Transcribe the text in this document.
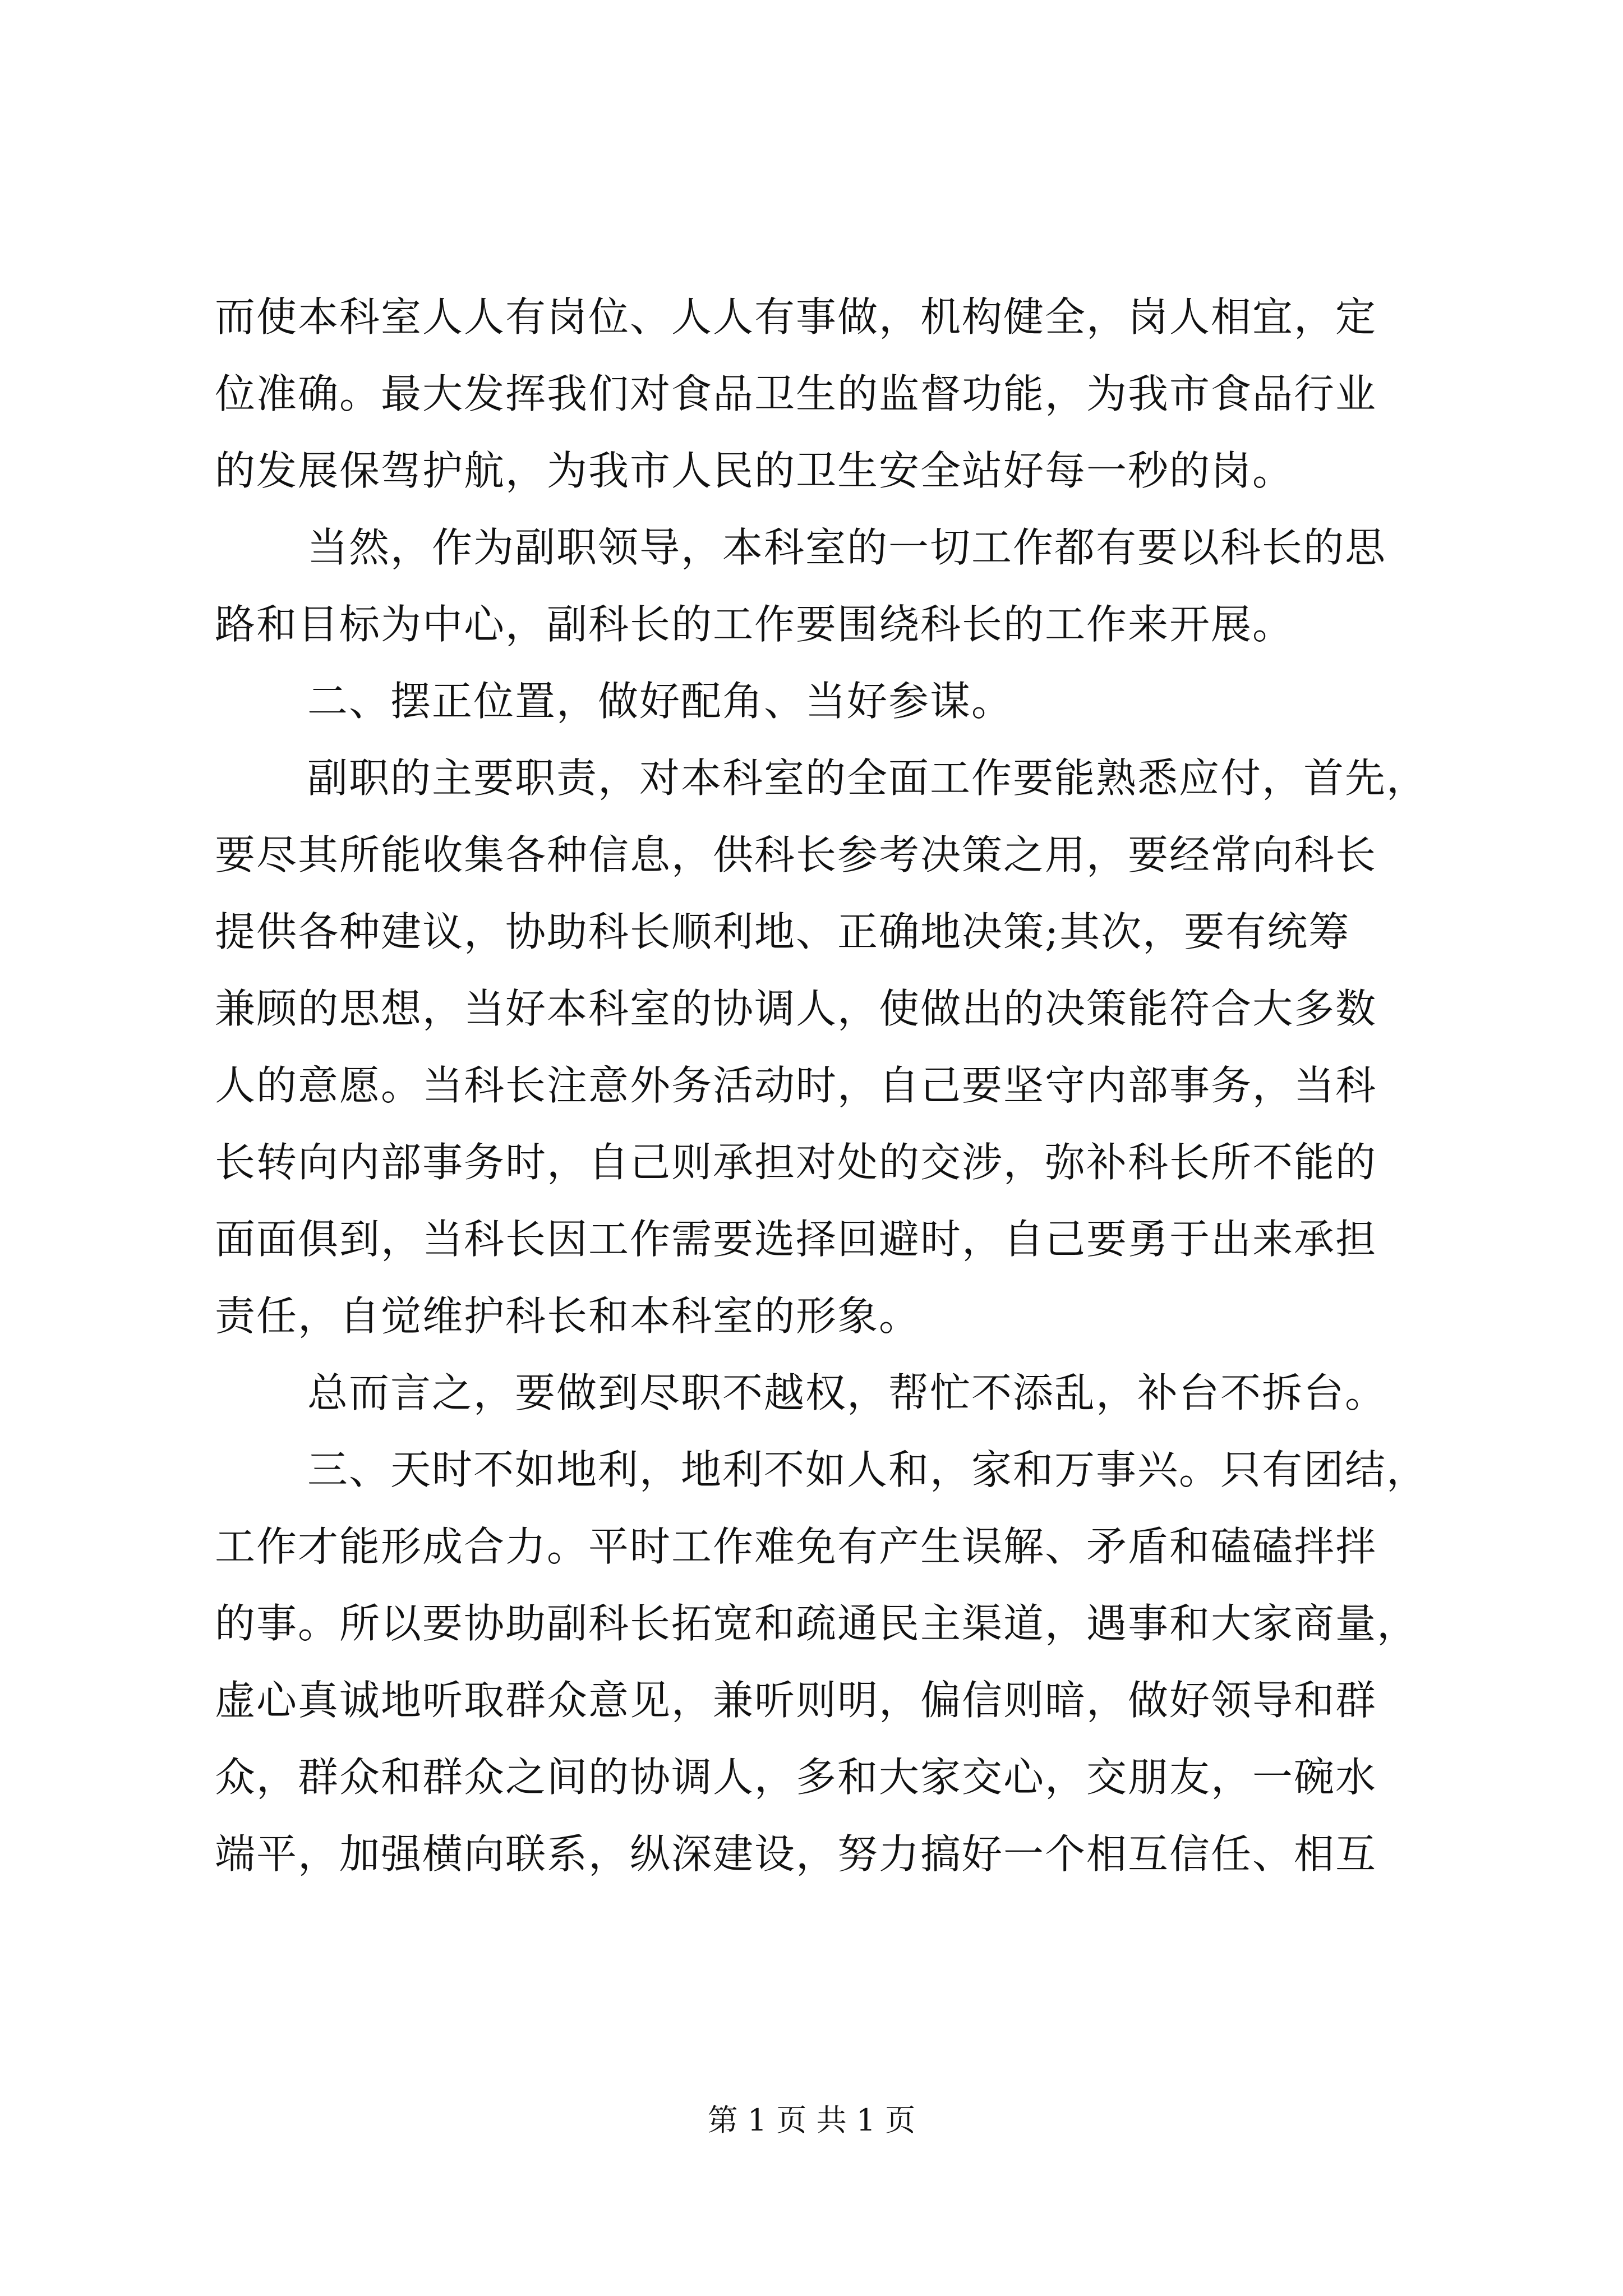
而使本科室人人有岗位、人人有事做，机构健全，岗人相宜，定
位准确。最大发挥我们对食品卫生的监督功能，为我市食品行业
的发展保驾护航，为我市人民的卫生安全站好每一秒的岗。
当然，作为副职领导，本科室的一切工作都有要以科长的思
路和目标为中心，副科长的工作要围绕科长的工作来开展。
二、摆正位置，做好配角、当好参谋。
副职的主要职责，对本科室的全面工作要能熟悉应付，首先，
要尽其所能收集各种信息，供科长参考决策之用，要经常向科长
提供各种建议，协助科长顺利地、正确地决策;其次，要有统筹
兼顾的思想，当好本科室的协调人，使做出的决策能符合大多数
人的意愿。当科长注意外务活动时，自己要坚守内部事务，当科
长转向内部事务时，自己则承担对处的交涉，弥补科长所不能的
面面俱到，当科长因工作需要选择回避时，自己要勇于出来承担
责任，自觉维护科长和本科室的形象。
总而言之，要做到尽职不越权，帮忙不添乱，补台不拆台。
三、天时不如地利，地利不如人和，家和万事兴。只有团结，
工作才能形成合力。平时工作难免有产生误解、矛盾和磕磕拌拌
的事。所以要协助副科长拓宽和疏通民主渠道，遇事和大家商量，
虚心真诚地听取群众意见，兼听则明，偏信则暗，做好领导和群
众，群众和群众之间的协调人，多和大家交心，交朋友，一碗水
端平，加强横向联系，纵深建设，努力搞好一个相互信任、相互
第 1 页 共 1 页
